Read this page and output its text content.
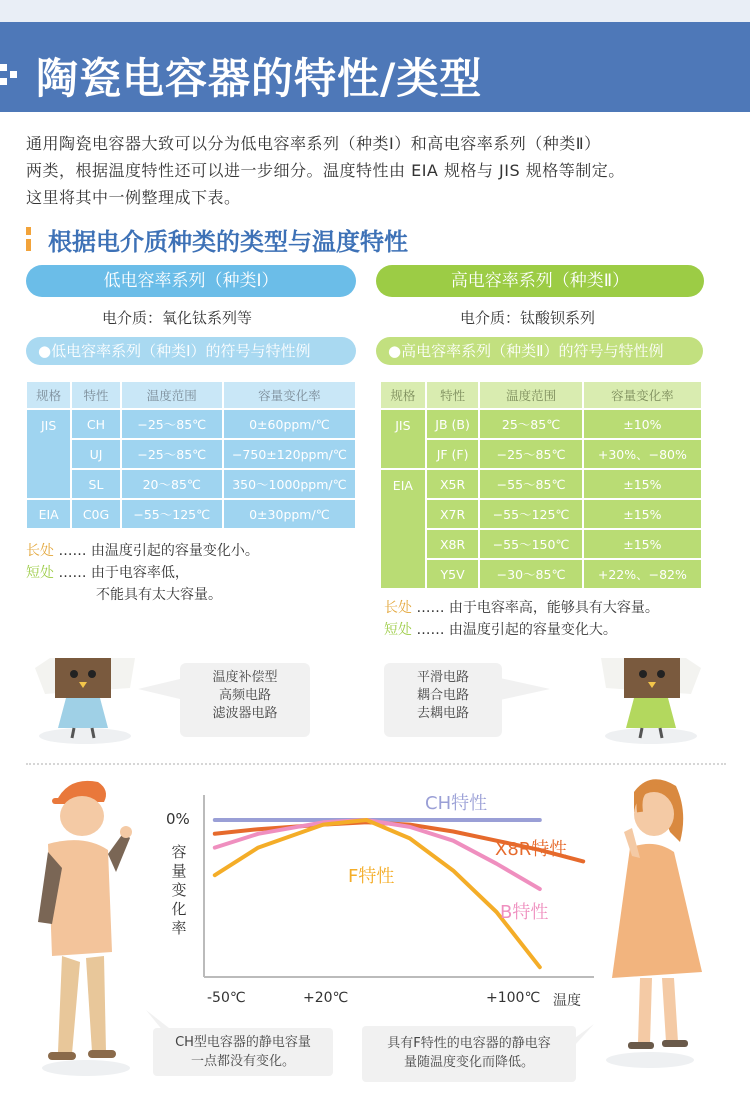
陶瓷电容器的特性/类型
通用陶瓷电容器大致可以分为低电容率系列（种类Ⅰ）和高电容率系列（种类Ⅱ）
两类，根据温度特性还可以进一步细分。温度特性由 EIA 规格与 JIS 规格等制定。
这里将其中一例整理成下表。
根据电介质种类的类型与温度特性
低电容率系列（种类Ⅰ）
电介质：氧化钛系列等
●低电容率系列（种类Ⅰ）的符号与特性例
规格	特性	温度范围	容量变化率
JIS	CH	−25～85℃	0±60ppm/℃
	UJ	−25～85℃	−750±120ppm/℃
	SL	20～85℃	350～1000ppm/℃
EIA	C0G	−55～125℃	0±30ppm/℃
长处 …… 由温度引起的容量变化小。
短处 …… 由于电容率低，
不能具有太大容量。
高电容率系列（种类Ⅱ）
电介质：钛酸钡系列
●高电容率系列（种类Ⅱ）的符号与特性例
规格	特性	温度范围	容量变化率
JIS	JB (B)	25～85℃	±10%
	JF (F)	−25～85℃	+30%、−80%
EIA	X5R	−55～85℃	±15%
	X7R	−55～125℃	±15%
	X8R	−55～150℃	±15%
	Y5V	−30～85℃	+22%、−82%
长处 …… 由于电容率高，能够具有大容量。
短处 …… 由温度引起的容量变化大。
温度补偿型
高频电路
滤波器电路
平滑电路
耦合电路
去耦电路
CH特性
X8R特性
B特性
F特性
0%
容量变化率
-50℃	+20℃	+100℃ 温度
CH型电容器的静电容量
一点都没有变化。
具有F特性的电容器的静电容
量随温度变化而降低。
